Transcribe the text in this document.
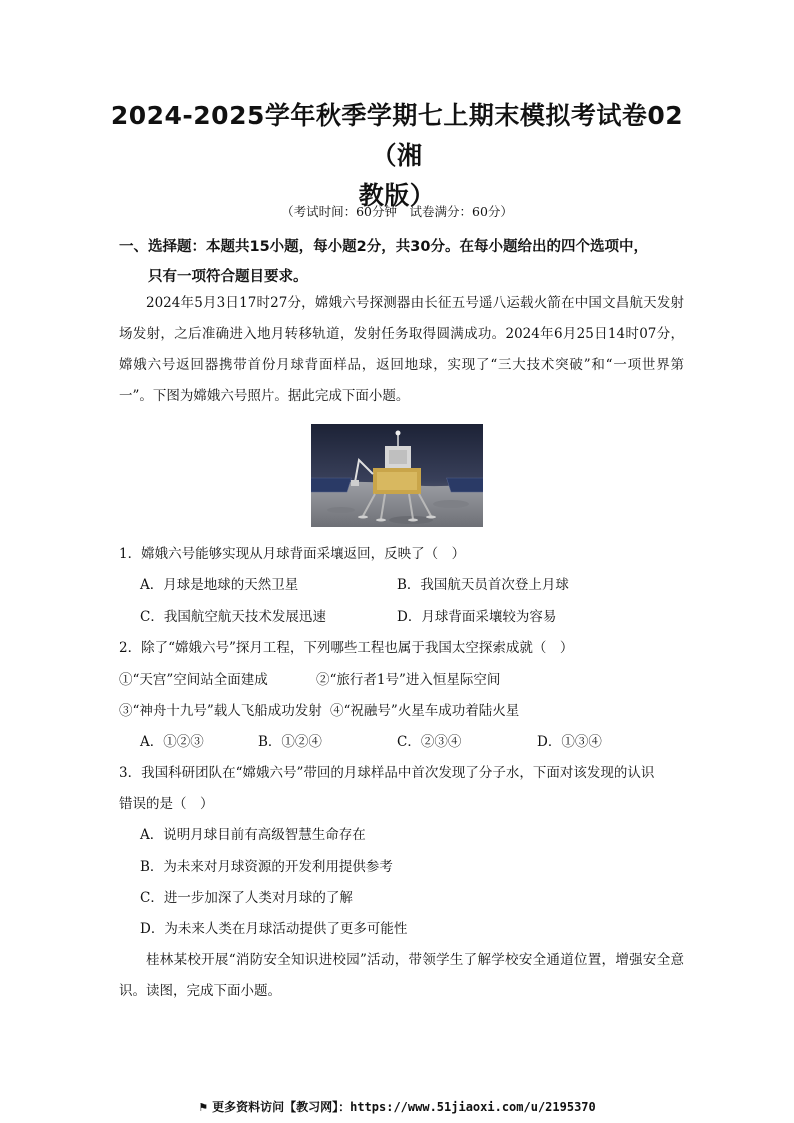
2024-2025学年秋季学期七上期末模拟考试卷02（湘
教版）
（考试时间：60分钟　试卷满分：60分）
一、选择题：本题共15小题，每小题2分，共30分。在每小题给出的四个选项中，
只有一项符合题目要求。
2024年5月3日17时27分，嫦娥六号探测器由长征五号遥八运载火箭在中国文昌航天发射场发射，之后准确进入地月转移轨道，发射任务取得圆满成功。2024年6月25日14时07分，嫦娥六号返回器携带首份月球背面样品，返回地球，实现了“三大技术突破”和“一项世界第一”。下图为嫦娥六号照片。据此完成下面小题。
1．嫦娥六号能够实现从月球背面采壤返回，反映了（　）
A．月球是地球的天然卫星	B．我国航天员首次登上月球
C．我国航空航天技术发展迅速	D．月球背面采壤较为容易
2．除了“嫦娥六号”探月工程，下列哪些工程也属于我国太空探索成就（　）
①“天宫”空间站全面建成	②“旅行者1号”进入恒星际空间
③“神舟十九号”载人飞船成功发射 ④“祝融号”火星车成功着陆火星
A．①②③	B．①②④	C．②③④	D．①③④
3．我国科研团队在“嫦娥六号”带回的月球样品中首次发现了分子水，下面对该发现的认识
错误的是（　）
A．说明月球目前有高级智慧生命存在
B．为未来对月球资源的开发利用提供参考
C．进一步加深了人类对月球的了解
D．为未来人类在月球活动提供了更多可能性
桂林某校开展“消防安全知识进校园”活动，带领学生了解学校安全通道位置，增强安全意识。读图，完成下面小题。
⚑ 更多资料访问【教习网】：https://www.51jiaoxi.com/u/2195370
